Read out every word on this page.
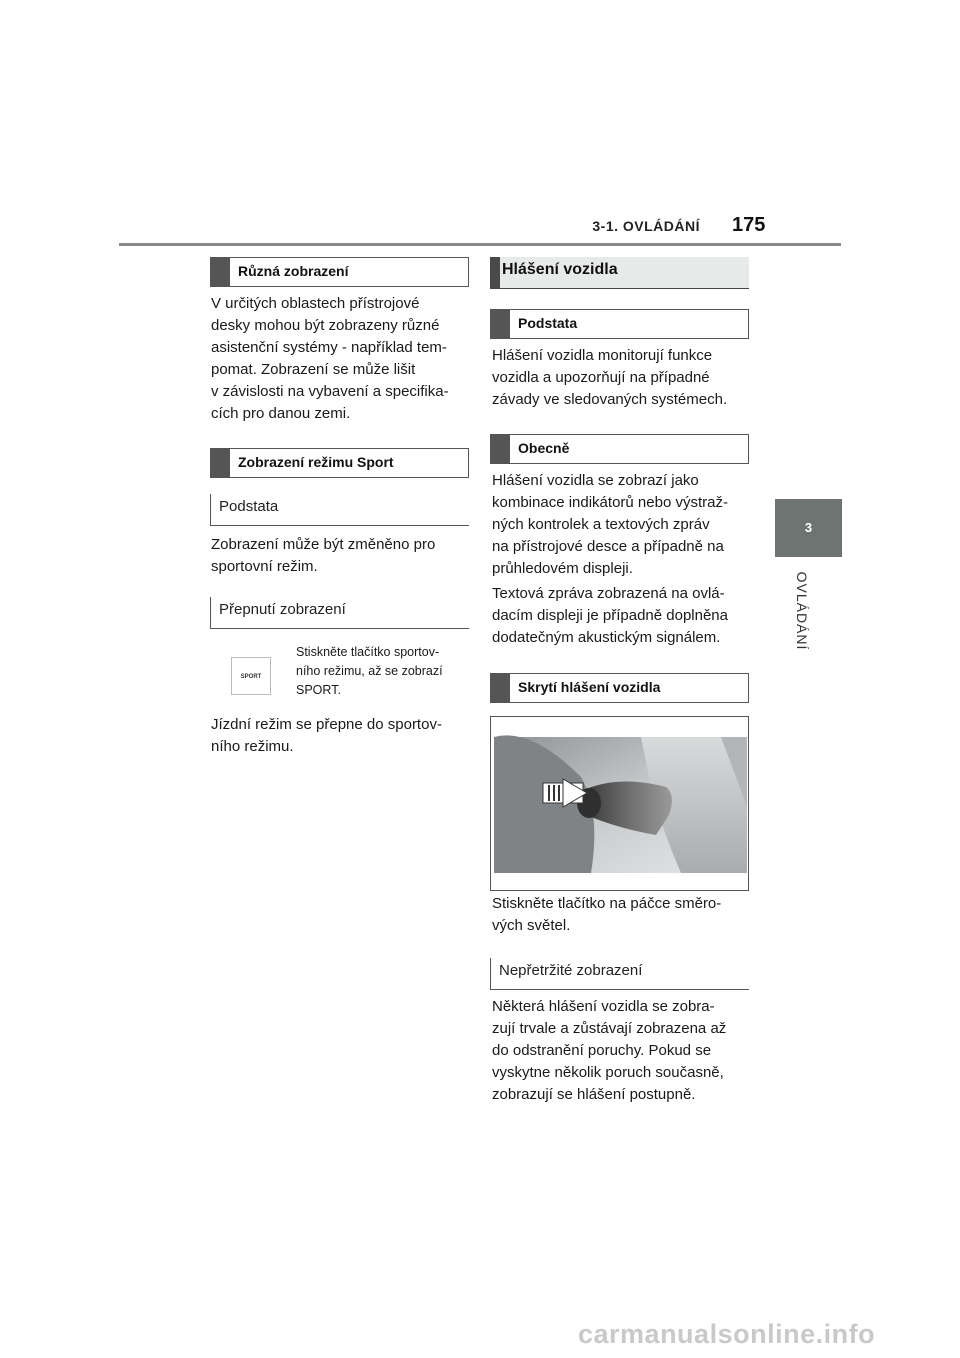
3-1. OVLÁDÁNÍ 175
3
OVLÁDÁNÍ
Různá zobrazení
V určitých oblastech přístrojové
desky mohou být zobrazeny různé
asistenční systémy - například tem-
pomat. Zobrazení se může lišit
v závislosti na vybavení a specifika-
cích pro danou zemi.
Zobrazení režimu Sport
Podstata
Zobrazení může být změněno pro
sportovní režim.
Přepnutí zobrazení
SPORT
Stiskněte tlačítko sportov-
ního režimu, až se zobrazí
SPORT.
Jízdní režim se přepne do sportov-
ního režimu.
Hlášení vozidla
Podstata
Hlášení vozidla monitorují funkce
vozidla a upozorňují na případné
závady ve sledovaných systémech.
Obecně
Hlášení vozidla se zobrazí jako
kombinace indikátorů nebo výstraž-
ných kontrolek a textových zpráv
na přístrojové desce a případně na
průhledovém displeji.
Textová zpráva zobrazená na ovlá-
dacím displeji je případně doplněna
dodatečným akustickým signálem.
Skrytí hlášení vozidla
Stiskněte tlačítko na páčce směro-
vých světel.
Nepřetržité zobrazení
Některá hlášení vozidla se zobra-
zují trvale a zůstávají zobrazena až
do odstranění poruchy. Pokud se
vyskytne několik poruch současně,
zobrazují se hlášení postupně.
carmanualsonline.info
